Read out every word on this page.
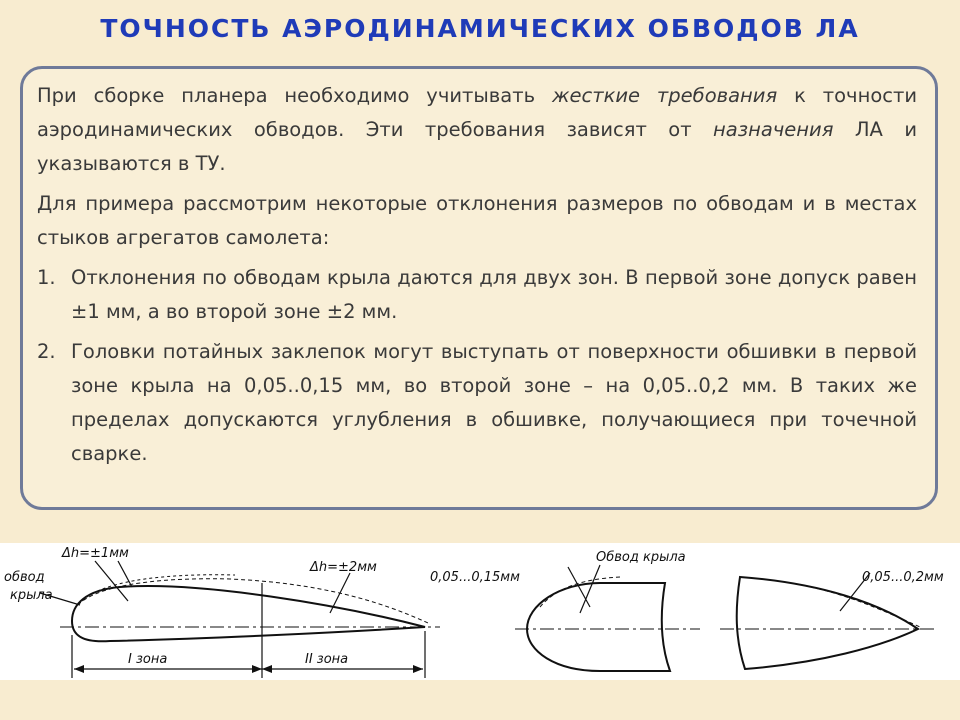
ТОЧНОСТЬ АЭРОДИНАМИЧЕСКИХ ОБВОДОВ ЛА

При сборке планера необходимо учитывать жесткие требования к точности аэродинамических обводов. Эти требования зависят от назначения ЛА и указываются в ТУ.

Для примера рассмотрим некоторые отклонения размеров по обводам и в местах стыков агрегатов самолета:

1. Отклонения по обводам крыла даются для двух зон. В первой зоне допуск равен ±1 мм, а во второй зоне ±2 мм.
2. Головки потайных заклепок могут выступать от поверхности обшивки в первой зоне крыла на 0,05..0,15 мм, во второй зоне – на 0,05..0,2 мм. В таких же пределах допускаются углубления в обшивке, получающиеся при точечной сварке.
Δh=±1мм
Δh=±2мм
обвод
крыла
I зона	II зона
0,05...0,15мм
Обвод крыла
0,05...0,2мм
